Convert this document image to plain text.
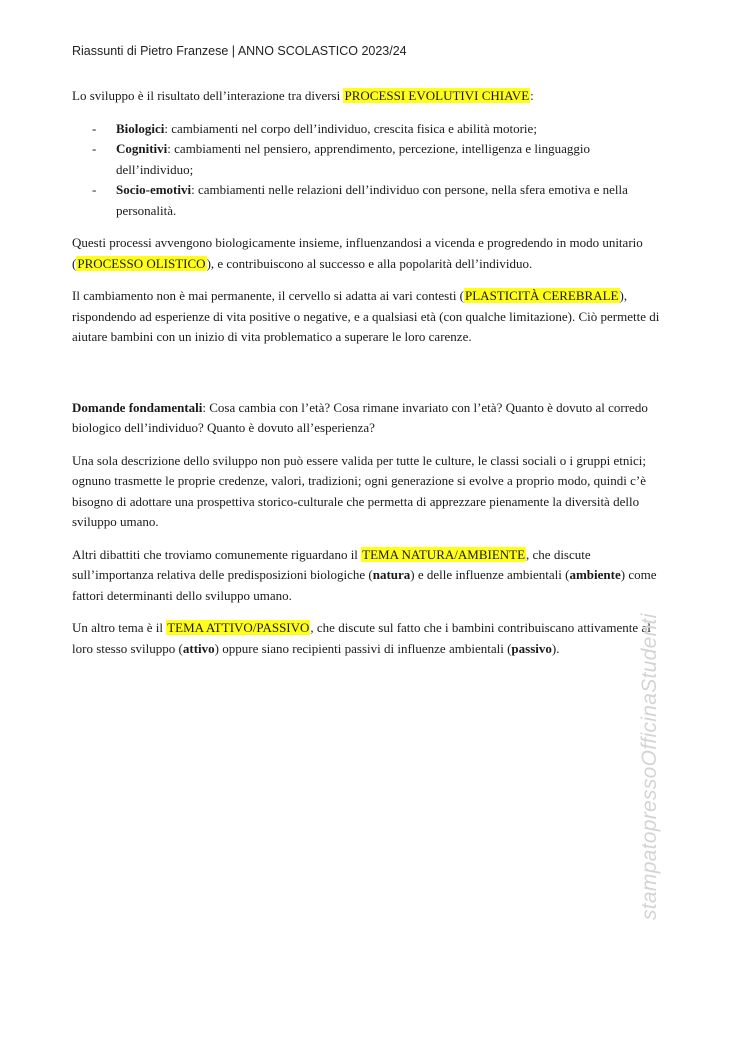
Riassunti di Pietro Franzese | ANNO SCOLASTICO 2023/24

Lo sviluppo è il risultato dell’interazione tra diversi PROCESSI EVOLUTIVI CHIAVE:

- Biologici: cambiamenti nel corpo dell’individuo, crescita fisica e abilità motorie;
- Cognitivi: cambiamenti nel pensiero, apprendimento, percezione, intelligenza e linguaggio dell’individuo;
- Socio-emotivi: cambiamenti nelle relazioni dell’individuo con persone, nella sfera emotiva e nella personalità.

Questi processi avvengono biologicamente insieme, influenzandosi a vicenda e progredendo in modo unitario (PROCESSO OLISTICO), e contribuiscono al successo e alla popolarità dell’individuo.

Il cambiamento non è mai permanente, il cervello si adatta ai vari contesti (PLASTICITÀ CEREBRALE), rispondendo ad esperienze di vita positive o negative, e a qualsiasi età (con qualche limitazione). Ciò permette di aiutare bambini con un inizio di vita problematico a superare le loro carenze.

Domande fondamentali: Cosa cambia con l’età? Cosa rimane invariato con l’età? Quanto è dovuto al corredo biologico dell’individuo? Quanto è dovuto all’esperienza?

Una sola descrizione dello sviluppo non può essere valida per tutte le culture, le classi sociali o i gruppi etnici; ognuno trasmette le proprie credenze, valori, tradizioni; ogni generazione si evolve a proprio modo, quindi c’è bisogno di adottare una prospettiva storico-culturale che permetta di apprezzare pienamente la diversità dello sviluppo umano.

Altri dibattiti che troviamo comunemente riguardano il TEMA NATURA/AMBIENTE, che discute sull’importanza relativa delle predisposizioni biologiche (natura) e delle influenze ambientali (ambiente) come fattori determinanti dello sviluppo umano.

Un altro tema è il TEMA ATTIVO/PASSIVO, che discute sul fatto che i bambini contribuiscano attivamente al loro stesso sviluppo (attivo) oppure siano recipienti passivi di influenze ambientali (passivo).	stampatopressoOfficinaStudenti
